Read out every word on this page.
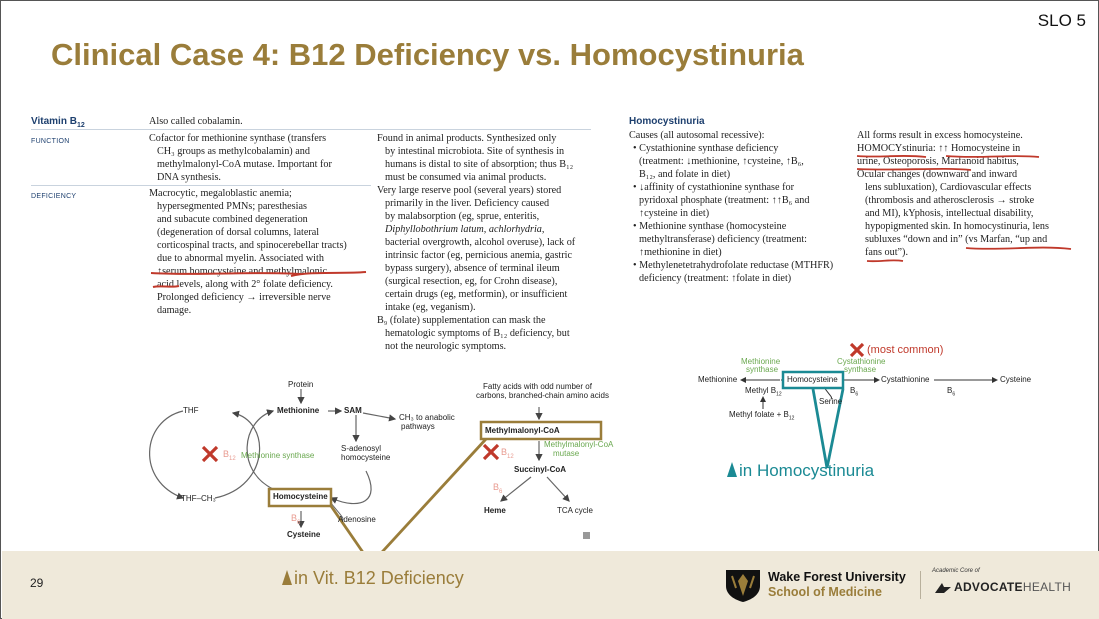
SLO 5
Clinical Case 4: B12 Deficiency vs. Homocystinuria
Vitamin $B_{12}$	Also called cobalamin.
FUNCTION	Cofactor for methionine synthase (transfers
CH₃ groups as methylcobalamin) and
methylmalonyl-CoA mutase. Important for
DNA synthesis.
Found in animal products. Synthesized only
by intestinal microbiota. Site of synthesis in
humans is distal to site of absorption; thus B₁₂
must be consumed via animal products.
Very large reserve pool (several years) stored
primarily in the liver. Deficiency caused
by malabsorption (eg, sprue, enteritis,
Diphyllobothrium latum, achlorhydria,
bacterial overgrowth, alcohol overuse), lack of
intrinsic factor (eg, pernicious anemia, gastric
bypass surgery), absence of terminal ileum
(surgical resection, eg, for Crohn disease),
certain drugs (eg, metformin), or insufficient
intake (eg, veganism).
B₉ (folate) supplementation can mask the
hematologic symptoms of B₁₂ deficiency, but
not the neurologic symptoms.
DEFICIENCY	Macrocytic, megaloblastic anemia;
hypersegmented PMNs; paresthesias
and subacute combined degeneration
(degeneration of dorsal columns, lateral
corticospinal tracts, and spinocerebellar tracts)
due to abnormal myelin. Associated with
↑serum homocysteine and methylmalonic
acid levels, along with 2° folate deficiency.
Prolonged deficiency → irreversible nerve
damage.
Homocystinuria
Causes (all autosomal recessive):
• Cystathionine synthase deficiency
(treatment: ↓methionine, ↑cysteine, ↑B₆,
B₁₂, and folate in diet)
• ↓affinity of cystathionine synthase for
pyridoxal phosphate (treatment: ↑↑B₆ and
↑cysteine in diet)
• Methionine synthase (homocysteine
methyltransferase) deficiency (treatment:
↑methionine in diet)
• Methylenetetrahydrofolate reductase (MTHFR)
deficiency (treatment: ↑folate in diet)
All forms result in excess homocysteine.
HOMOCYstinuria: ↑↑ Homocysteine in
urine, Osteoporosis, Marfanoid habitus,
Ocular changes (downward and inward
lens subluxation), Cardiovascular effects
(thrombosis and atherosclerosis → stroke
and MI), kYphosis, intellectual disability,
hypopigmented skin. In homocystinuria, lens
subluxes “down and in” (vs Marfan, “up and
fans out”).
Protein
THF
THF–CH₃
$B_{12}$ Methionine synthase
Methionine	SAM
CH₃ to anabolic
pathways
S-adenosyl
homocysteine
Homocysteine
Adenosine
$B_6$
Cysteine
Fatty acids with odd number of
carbons, branched-chain amino acids
Methylmalonyl-CoA
$B_{12}$
Methylmalonyl-CoA
mutase
Succinyl-CoA
$B_6$
Heme	TCA cycle
(most common)
Methionine
synthase
Cystathionine
synthase
Methionine
Methyl $B_{12}$
Homocysteine
Serine
Cystathionine
$B_6$	$B_6$
Cysteine
Methyl folate + $B_{12}$
in Homocystinuria
29	in Vit. B12 Deficiency	Wake Forest University
School of Medicine
Academic Core of
ADVOCATEHEALTH
